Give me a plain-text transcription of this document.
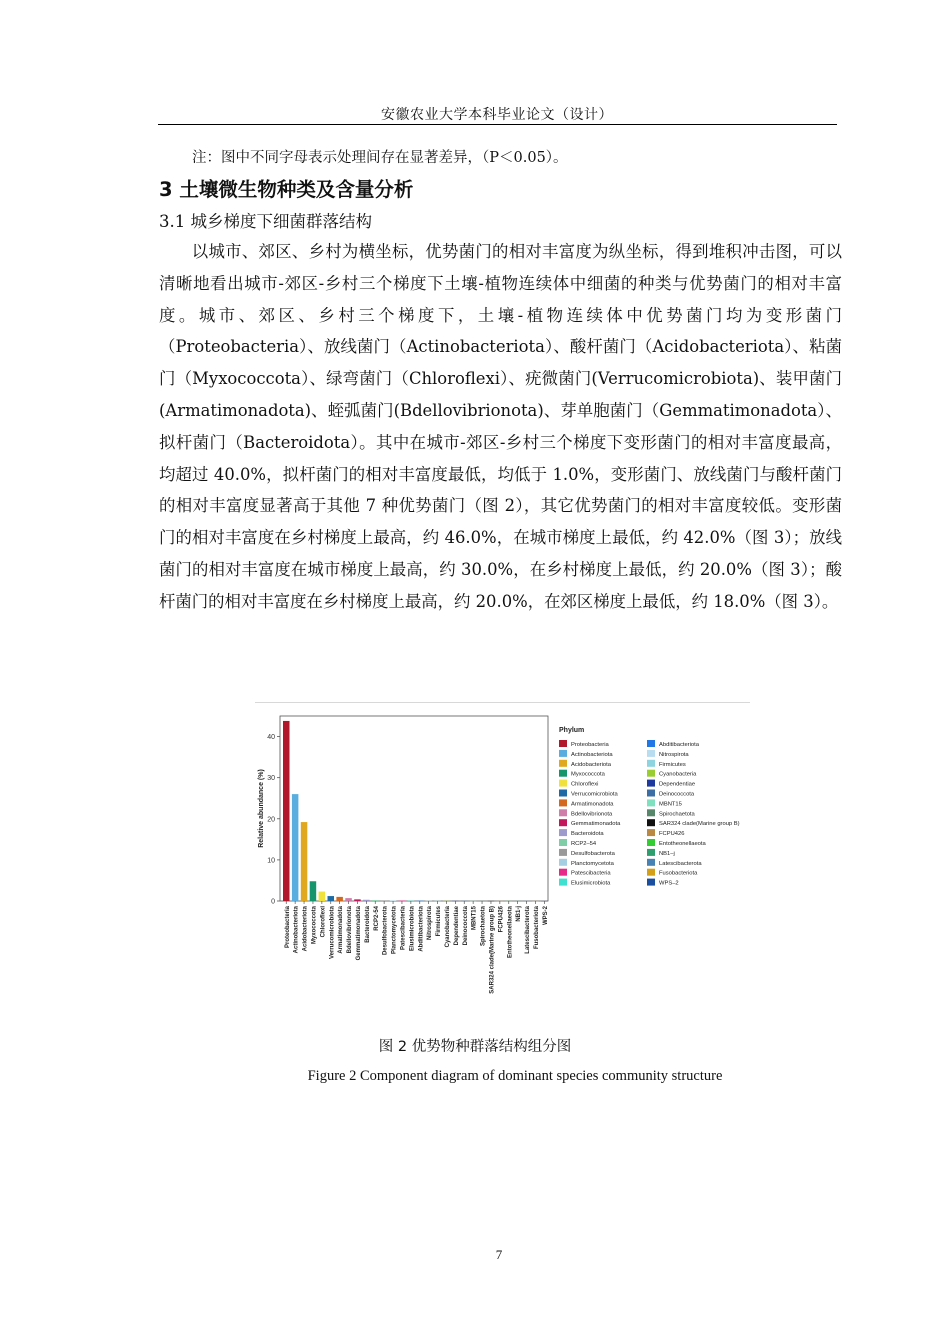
安徽农业大学本科毕业论文（设计）
注：图中不同字母表示处理间存在显著差异，（P＜0.05）。
3 土壤微生物种类及含量分析
3.1 城乡梯度下细菌群落结构
以城市、郊区、乡村为横坐标，优势菌门的相对丰富度为纵坐标，得到堆积冲击图，可以清晰地看出城市-郊区-乡村三个梯度下土壤-植物连续体中细菌的种类与优势菌门的相对丰富度。城市、郊区、乡村三个梯度下，土壤-植物连续体中优势菌门均为变形菌门（Proteobacteria）、放线菌门（Actinobacteriota）、酸杆菌门（Acidobacteriota）、粘菌门（Myxococcota）、绿弯菌门（Chloroflexi）、疣微菌门(Verrucomicrobiota)、装甲菌门(Armatimonadota)、蛭弧菌门(Bdellovibrionota)、芽单胞菌门（Gemmatimonadota）、拟杆菌门（Bacteroidota）。其中在城市-郊区-乡村三个梯度下变形菌门的相对丰富度最高，均超过 40.0%，拟杆菌门的相对丰富度最低，均低于 1.0%，变形菌门、放线菌门与酸杆菌门的相对丰富度显著高于其他 7 种优势菌门（图 2），其它优势菌门的相对丰富度较低。变形菌门的相对丰富度在乡村梯度上最高，约 46.0%，在城市梯度上最低，约 42.0%（图 3）；放线菌门的相对丰富度在城市梯度上最高，约 30.0%，在乡村梯度上最低，约 20.0%（图 3）；酸杆菌门的相对丰富度在乡村梯度上最高，约 20.0%，在郊区梯度上最低，约 18.0%（图 3）。
0
10
20
30
40
Relative abundance (%)
Proteobacteria Actinobacteriota Acidobacteriota Myxococcota Chloroflexi Verrucomicrobiota Armatimonadota Bdellovibrionota Gemmatimonadota Bacteroidota RCP2-54 Desulfobacterota Planctomycetota Patescibacteria Elusimicrobiota Abditibacteriota Nitrospirota Firmicutes Cyanobacteria Dependentiae Deinococcota MBNT15 Spirochaetota SAR324 clade(Marine group B) FCPU426 Entotheonellaeota NB1-j Latescibacterota Fusobacteriota WPS-2
Phylum
Proteobacteria
Actinobacteriota
Acidobacteriota
Myxococcota
Chloroflexi
Verrucomicrobiota
Armatimonadota
Bdellovibrionota
Gemmatimonadota
Bacteroidota
RCP2–54
Desulfobacterota
Planctomycetota
Patescibacteria
Elusimicrobiota
Abditibacteriota
Nitrospirota
Firmicutes
Cyanobacteria
Dependentiae
Deinococcota
MBNT15
Spirochaetota
SAR324 clade(Marine group B)
FCPU426
Entotheonellaeota
NB1–j
Latescibacterota
Fusobacteriota
WPS–2
图 2 优势物种群落结构组分图
Figure 2 Component diagram of dominant species community structure
7
